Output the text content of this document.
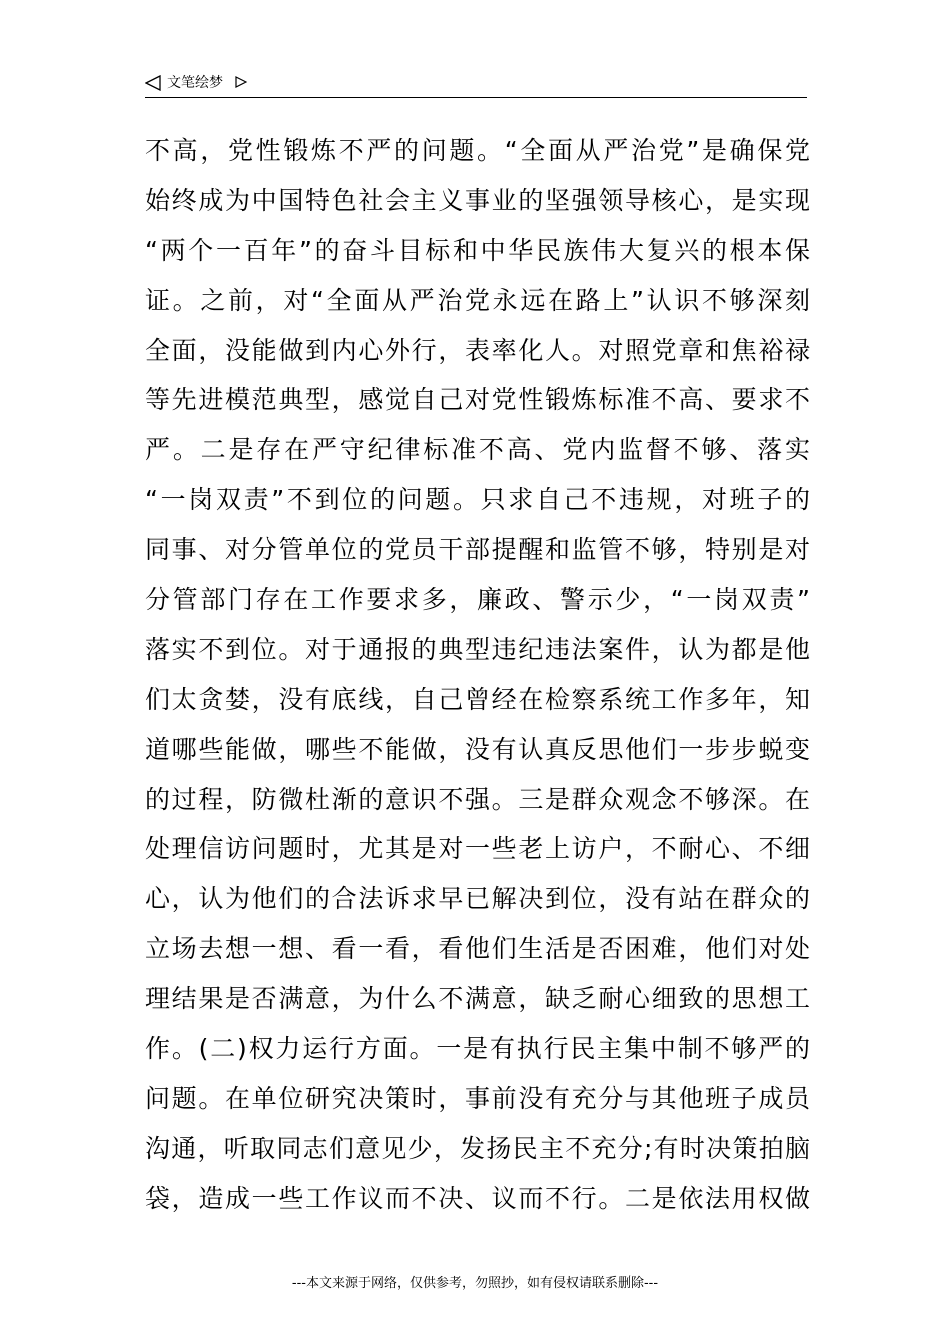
文笔绘梦
不高，党性锻炼不严的问题。“全面从严治党”是确保党
始终成为中国特色社会主义事业的坚强领导核心，是实现
“两个一百年”的奋斗目标和中华民族伟大复兴的根本保
证。之前，对“全面从严治党永远在路上”认识不够深刻
全面，没能做到内心外行，表率化人。对照党章和焦裕禄
等先进模范典型，感觉自己对党性锻炼标准不高、要求不
严。二是存在严守纪律标准不高、党内监督不够、落实
“一岗双责”不到位的问题。只求自己不违规，对班子的
同事、对分管单位的党员干部提醒和监管不够，特别是对
分管部门存在工作要求多，廉政、警示少，“一岗双责”
落实不到位。对于通报的典型违纪违法案件，认为都是他
们太贪婪，没有底线，自己曾经在检察系统工作多年，知
道哪些能做，哪些不能做，没有认真反思他们一步步蜕变
的过程，防微杜渐的意识不强。三是群众观念不够深。在
处理信访问题时，尤其是对一些老上访户，不耐心、不细
心，认为他们的合法诉求早已解决到位，没有站在群众的
立场去想一想、看一看，看他们生活是否困难，他们对处
理结果是否满意，为什么不满意，缺乏耐心细致的思想工
作。(二)权力运行方面。一是有执行民主集中制不够严的
问题。在单位研究决策时，事前没有充分与其他班子成员
沟通，听取同志们意见少，发扬民主不充分;有时决策拍脑
袋，造成一些工作议而不决、议而不行。二是依法用权做
---本文来源于网络，仅供参考，勿照抄，如有侵权请联系删除---
